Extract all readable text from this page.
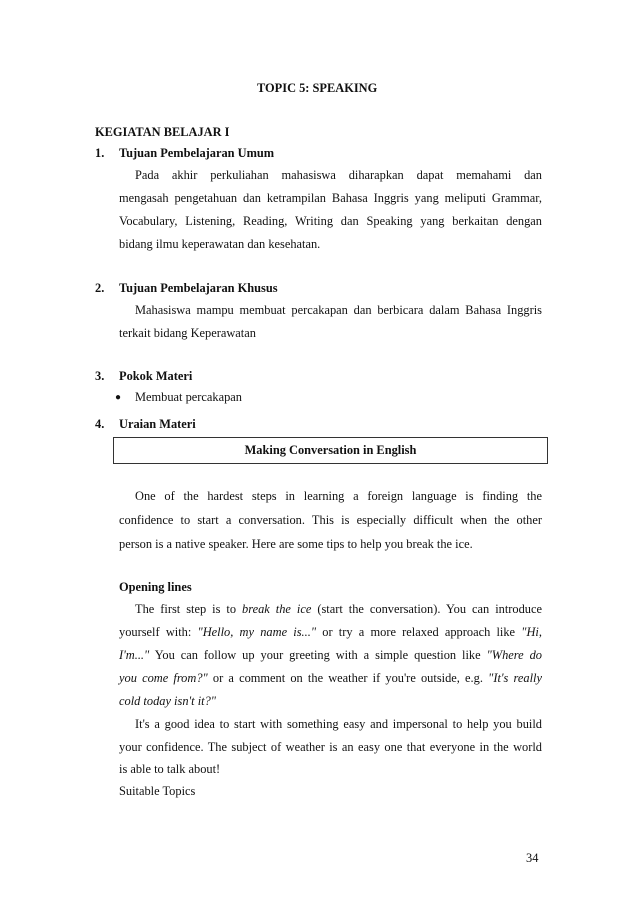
TOPIC 5: SPEAKING
KEGIATAN BELAJAR I
1. Tujuan Pembelajaran Umum
Pada akhir perkuliahan mahasiswa diharapkan dapat memahami dan
mengasah pengetahuan dan ketrampilan Bahasa Inggris yang meliputi Grammar,
Vocabulary, Listening, Reading, Writing dan Speaking yang berkaitan dengan
bidang ilmu keperawatan dan kesehatan.
2. Tujuan Pembelajaran Khusus
Mahasiswa mampu membuat percakapan dan berbicara dalam Bahasa Inggris
terkait bidang Keperawatan
3. Pokok Materi
● Membuat percakapan
4. Uraian Materi
Making Conversation in English
One of the hardest steps in learning a foreign language is finding the
confidence to start a conversation. This is especially difficult when the other
person is a native speaker. Here are some tips to help you break the ice.
Opening lines
The first step is to break the ice (start the conversation). You can introduce
yourself with: "Hello, my name is..." or try a more relaxed approach like "Hi,
I'm..." You can follow up your greeting with a simple question like "Where do
you come from?" or a comment on the weather if you're outside, e.g. "It's really
cold today isn't it?"
It's a good idea to start with something easy and impersonal to help you build
your confidence. The subject of weather is an easy one that everyone in the world
is able to talk about!
Suitable Topics
34
